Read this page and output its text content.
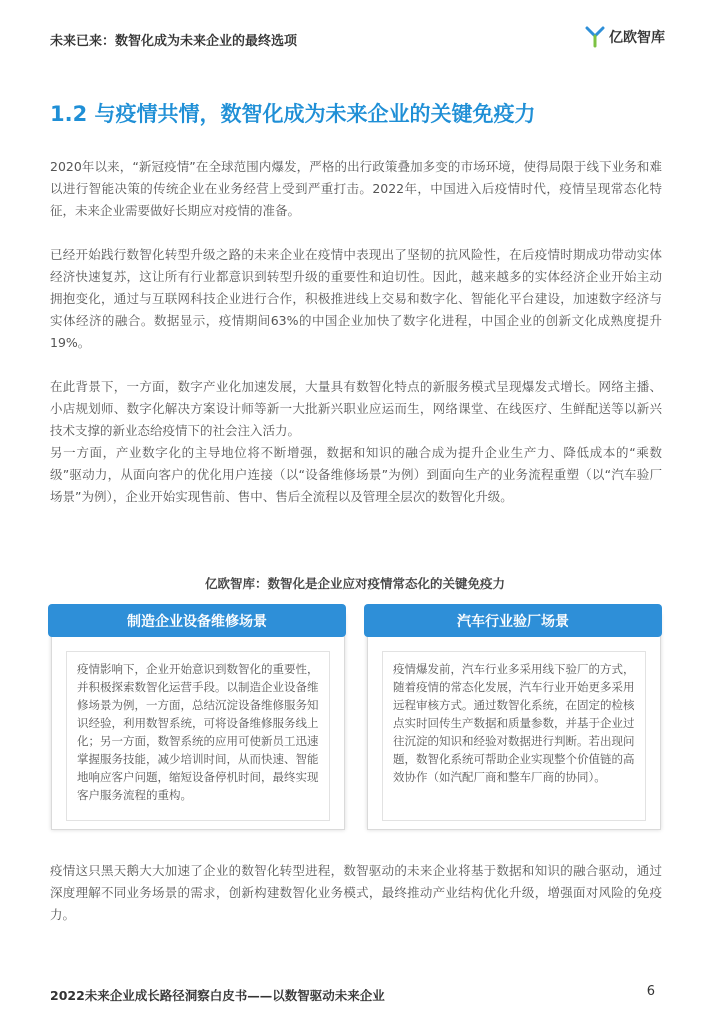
未来已来：数智化成为未来企业的最终选项	亿欧智库
1.2 与疫情共情，数智化成为未来企业的关键免疫力

2020年以来，“新冠疫情”在全球范围内爆发，严格的出行政策叠加多变的市场环境，使得局限于线下业务和难以进行智能决策的传统企业在业务经营上受到严重打击。2022年，中国进入后疫情时代，疫情呈现常态化特征，未来企业需要做好长期应对疫情的准备。

已经开始践行数智化转型升级之路的未来企业在疫情中表现出了坚韧的抗风险性，在后疫情时期成功带动实体经济快速复苏，这让所有行业都意识到转型升级的重要性和迫切性。因此，越来越多的实体经济企业开始主动拥抱变化，通过与互联网科技企业进行合作，积极推进线上交易和数字化、智能化平台建设，加速数字经济与实体经济的融合。数据显示，疫情期间63%的中国企业加快了数字化进程，中国企业的创新文化成熟度提升19%。

在此背景下，一方面，数字产业化加速发展，大量具有数智化特点的新服务模式呈现爆发式增长。网络主播、小店规划师、数字化解决方案设计师等新一大批新兴职业应运而生，网络课堂、在线医疗、生鲜配送等以新兴技术支撑的新业态给疫情下的社会注入活力。

另一方面，产业数字化的主导地位将不断增强，数据和知识的融合成为提升企业生产力、降低成本的“乘数级”驱动力，从面向客户的优化用户连接（以“设备维修场景”为例）到面向生产的业务流程重塑（以“汽车验厂场景”为例），企业开始实现售前、售中、售后全流程以及管理全层次的数智化升级。

亿欧智库：数智化是企业应对疫情常态化的关键免疫力

疫情影响下，企业开始意识到数智化的重要性，并积极探索数智化运营手段。以制造企业设备维修场景为例，一方面，总结沉淀设备维修服务知识经验，利用数智系统，可将设备维修服务线上化；另一方面，数智系统的应用可使新员工迅速掌握服务技能，减少培训时间，从而快速、智能地响应客户问题，缩短设备停机时间，最终实现客户服务流程的重构。

制造企业设备维修场景

疫情爆发前，汽车行业多采用线下验厂的方式，随着疫情的常态化发展，汽车行业开始更多采用远程审核方式。通过数智化系统，在固定的检核点实时回传生产数据和质量参数，并基于企业过往沉淀的知识和经验对数据进行判断。若出现问题，数智化系统可帮助企业实现整个价值链的高效协作（如汽配厂商和整车厂商的协同）。

汽车行业验厂场景

疫情这只黑天鹅大大加速了企业的数智化转型进程，数智驱动的未来企业将基于数据和知识的融合驱动，通过深度理解不同业务场景的需求，创新构建数智化业务模式，最终推动产业结构优化升级，增强面对风险的免疫力。

2022未来企业成长路径洞察白皮书——以数智驱动未来企业	6
